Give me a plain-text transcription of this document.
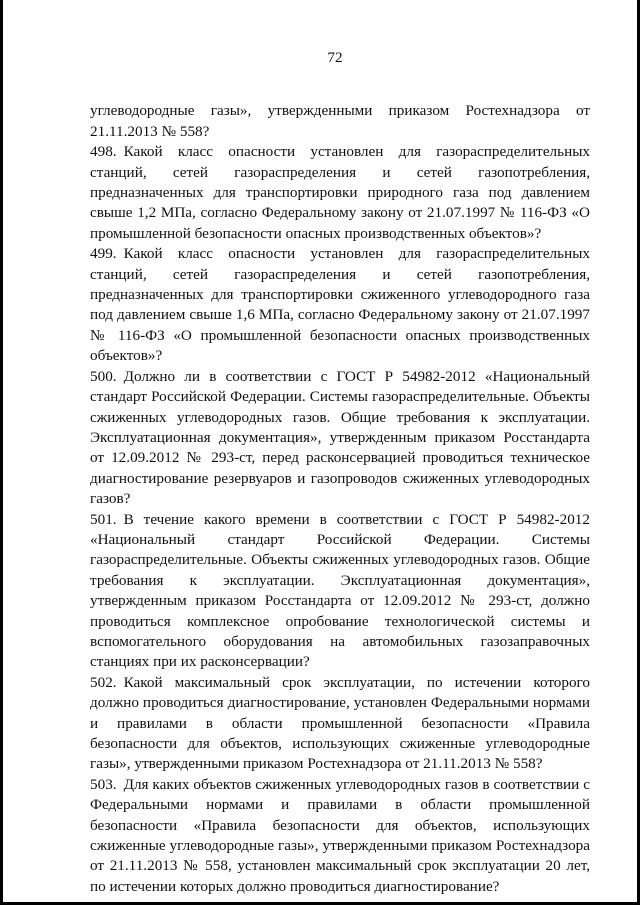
72

углеводородные газы», утвержденными приказом Ростехнадзора от 21.11.2013 № 558?

498. Какой класс опасности установлен для газораспределительных станций, сетей газораспределения и сетей газопотребления, предназначенных для транспортировки природного газа под давлением свыше 1,2 МПа, согласно Федеральному закону от 21.07.1997 № 116-ФЗ «О промышленной безопасности опасных производственных объектов»?

499. Какой класс опасности установлен для газораспределительных станций, сетей газораспределения и сетей газопотребления, предназначенных для транспортировки сжиженного углеводородного газа под давлением свыше 1,6 МПа, согласно Федеральному закону от 21.07.1997 № 116-ФЗ «О промышленной безопасности опасных производственных объектов»?

500. Должно ли в соответствии с ГОСТ Р 54982-2012 «Национальный стандарт Российской Федерации. Системы газораспределительные. Объекты сжиженных углеводородных газов. Общие требования к эксплуатации. Эксплуатационная документация», утвержденным приказом Росстандарта от 12.09.2012 № 293-ст, перед расконсервацией проводиться техническое диагностирование резервуаров и газопроводов сжиженных углеводородных газов?

501. В течение какого времени в соответствии с ГОСТ Р 54982-2012 «Национальный стандарт Российской Федерации. Системы газораспределительные. Объекты сжиженных углеводородных газов. Общие требования к эксплуатации. Эксплуатационная документация», утвержденным приказом Росстандарта от 12.09.2012 № 293-ст, должно проводиться комплексное опробование технологической системы и вспомогательного оборудования на автомобильных газозаправочных станциях при их расконсервации?

502. Какой максимальный срок эксплуатации, по истечении которого должно проводиться диагностирование, установлен Федеральными нормами и правилами в области промышленной безопасности «Правила безопасности для объектов, использующих сжиженные углеводородные газы», утвержденными приказом Ростехнадзора от 21.11.2013 № 558?

503. Для каких объектов сжиженных углеводородных газов в соответствии с Федеральными нормами и правилами в области промышленной безопасности «Правила безопасности для объектов, использующих сжиженные углеводородные газы», утвержденными приказом Ростехнадзора от 21.11.2013 № 558, установлен максимальный срок эксплуатации 20 лет, по истечении которых должно проводиться диагностирование?
